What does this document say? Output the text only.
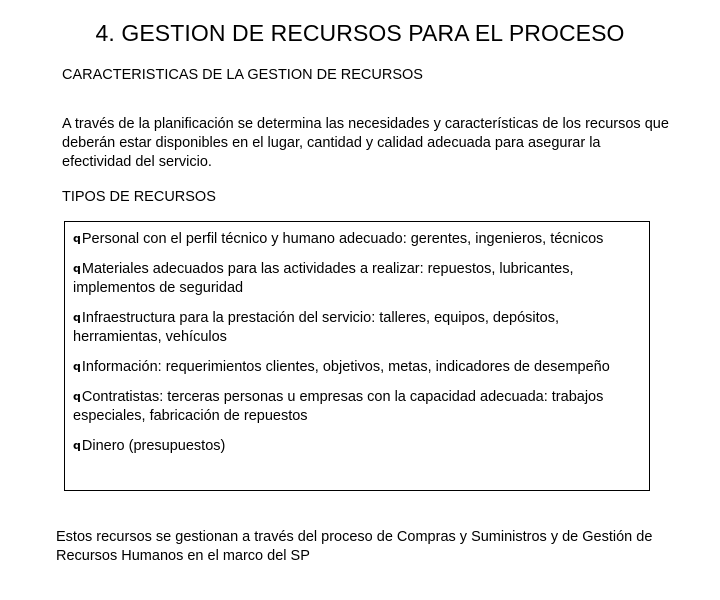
4. GESTION DE RECURSOS PARA EL PROCESO
CARACTERISTICAS DE LA GESTION DE RECURSOS

A través de la planificación se determina las necesidades y características de los recursos que deberán estar disponibles en el lugar, cantidad y calidad adecuada para asegurar la efectividad del servicio.

TIPOS DE RECURSOS
qPersonal con el perfil técnico y humano adecuado: gerentes, ingenieros, técnicos
qMateriales adecuados para las actividades a realizar: repuestos, lubricantes, implementos de seguridad
qInfraestructura para la prestación del servicio: talleres, equipos, depósitos, herramientas, vehículos
qInformación: requerimientos clientes, objetivos, metas, indicadores de desempeño
qContratistas: terceras personas u empresas con la capacidad adecuada: trabajos especiales, fabricación de repuestos
qDinero (presupuestos)

Estos recursos se gestionan a través del proceso de Compras y Suministros y de Gestión de Recursos Humanos en el marco del SP
